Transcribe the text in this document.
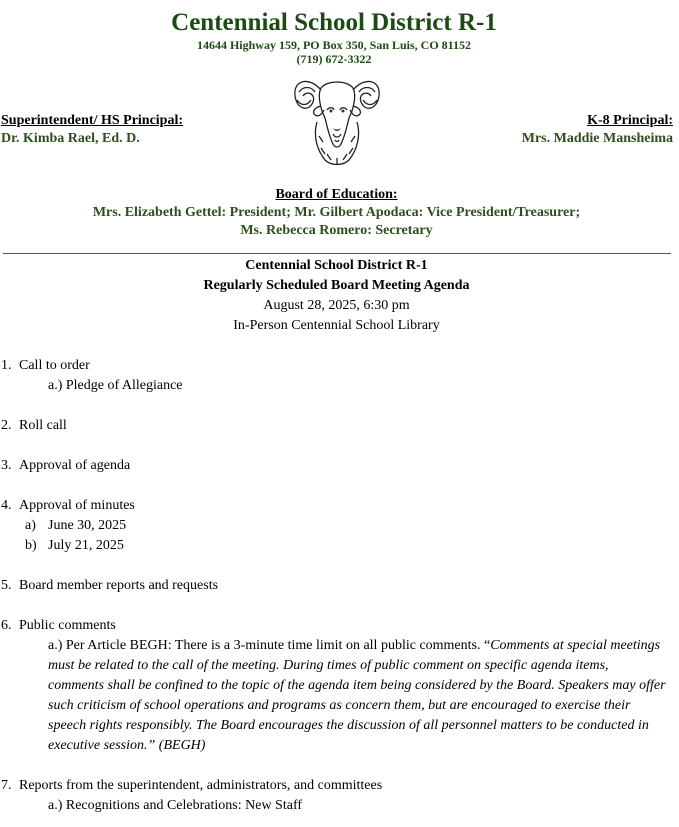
Centennial School District R-1
14644 Highway 159, PO Box 350, San Luis, CO 81152
(719) 672-3322
Superintendent/ HS Principal:
Dr. Kimba Rael, Ed. D.
K-8 Principal:
Mrs. Maddie Mansheima
Board of Education:
Mrs. Elizabeth Gettel: President; Mr. Gilbert Apodaca: Vice President/Treasurer;
Ms. Rebecca Romero: Secretary
Centennial School District R-1
Regularly Scheduled Board Meeting Agenda
August 28, 2025, 6:30 pm
In-Person Centennial School Library
1. Call to order
a.) Pledge of Allegiance
2. Roll call
3. Approval of agenda
4. Approval of minutes
a) June 30, 2025
b) July 21, 2025
5. Board member reports and requests
6. Public comments
a.) Per Article BEGH: There is a 3-minute time limit on all public comments. “Comments at special meetings must be related to the call of the meeting. During times of public comment on specific agenda items, comments shall be confined to the topic of the agenda item being considered by the Board. Speakers may offer such criticism of school operations and programs as concern them, but are encouraged to exercise their speech rights responsibly. The Board encourages the discussion of all personnel matters to be conducted in executive session.” (BEGH)
7. Reports from the superintendent, administrators, and committees
a.) Recognitions and Celebrations: New Staff
